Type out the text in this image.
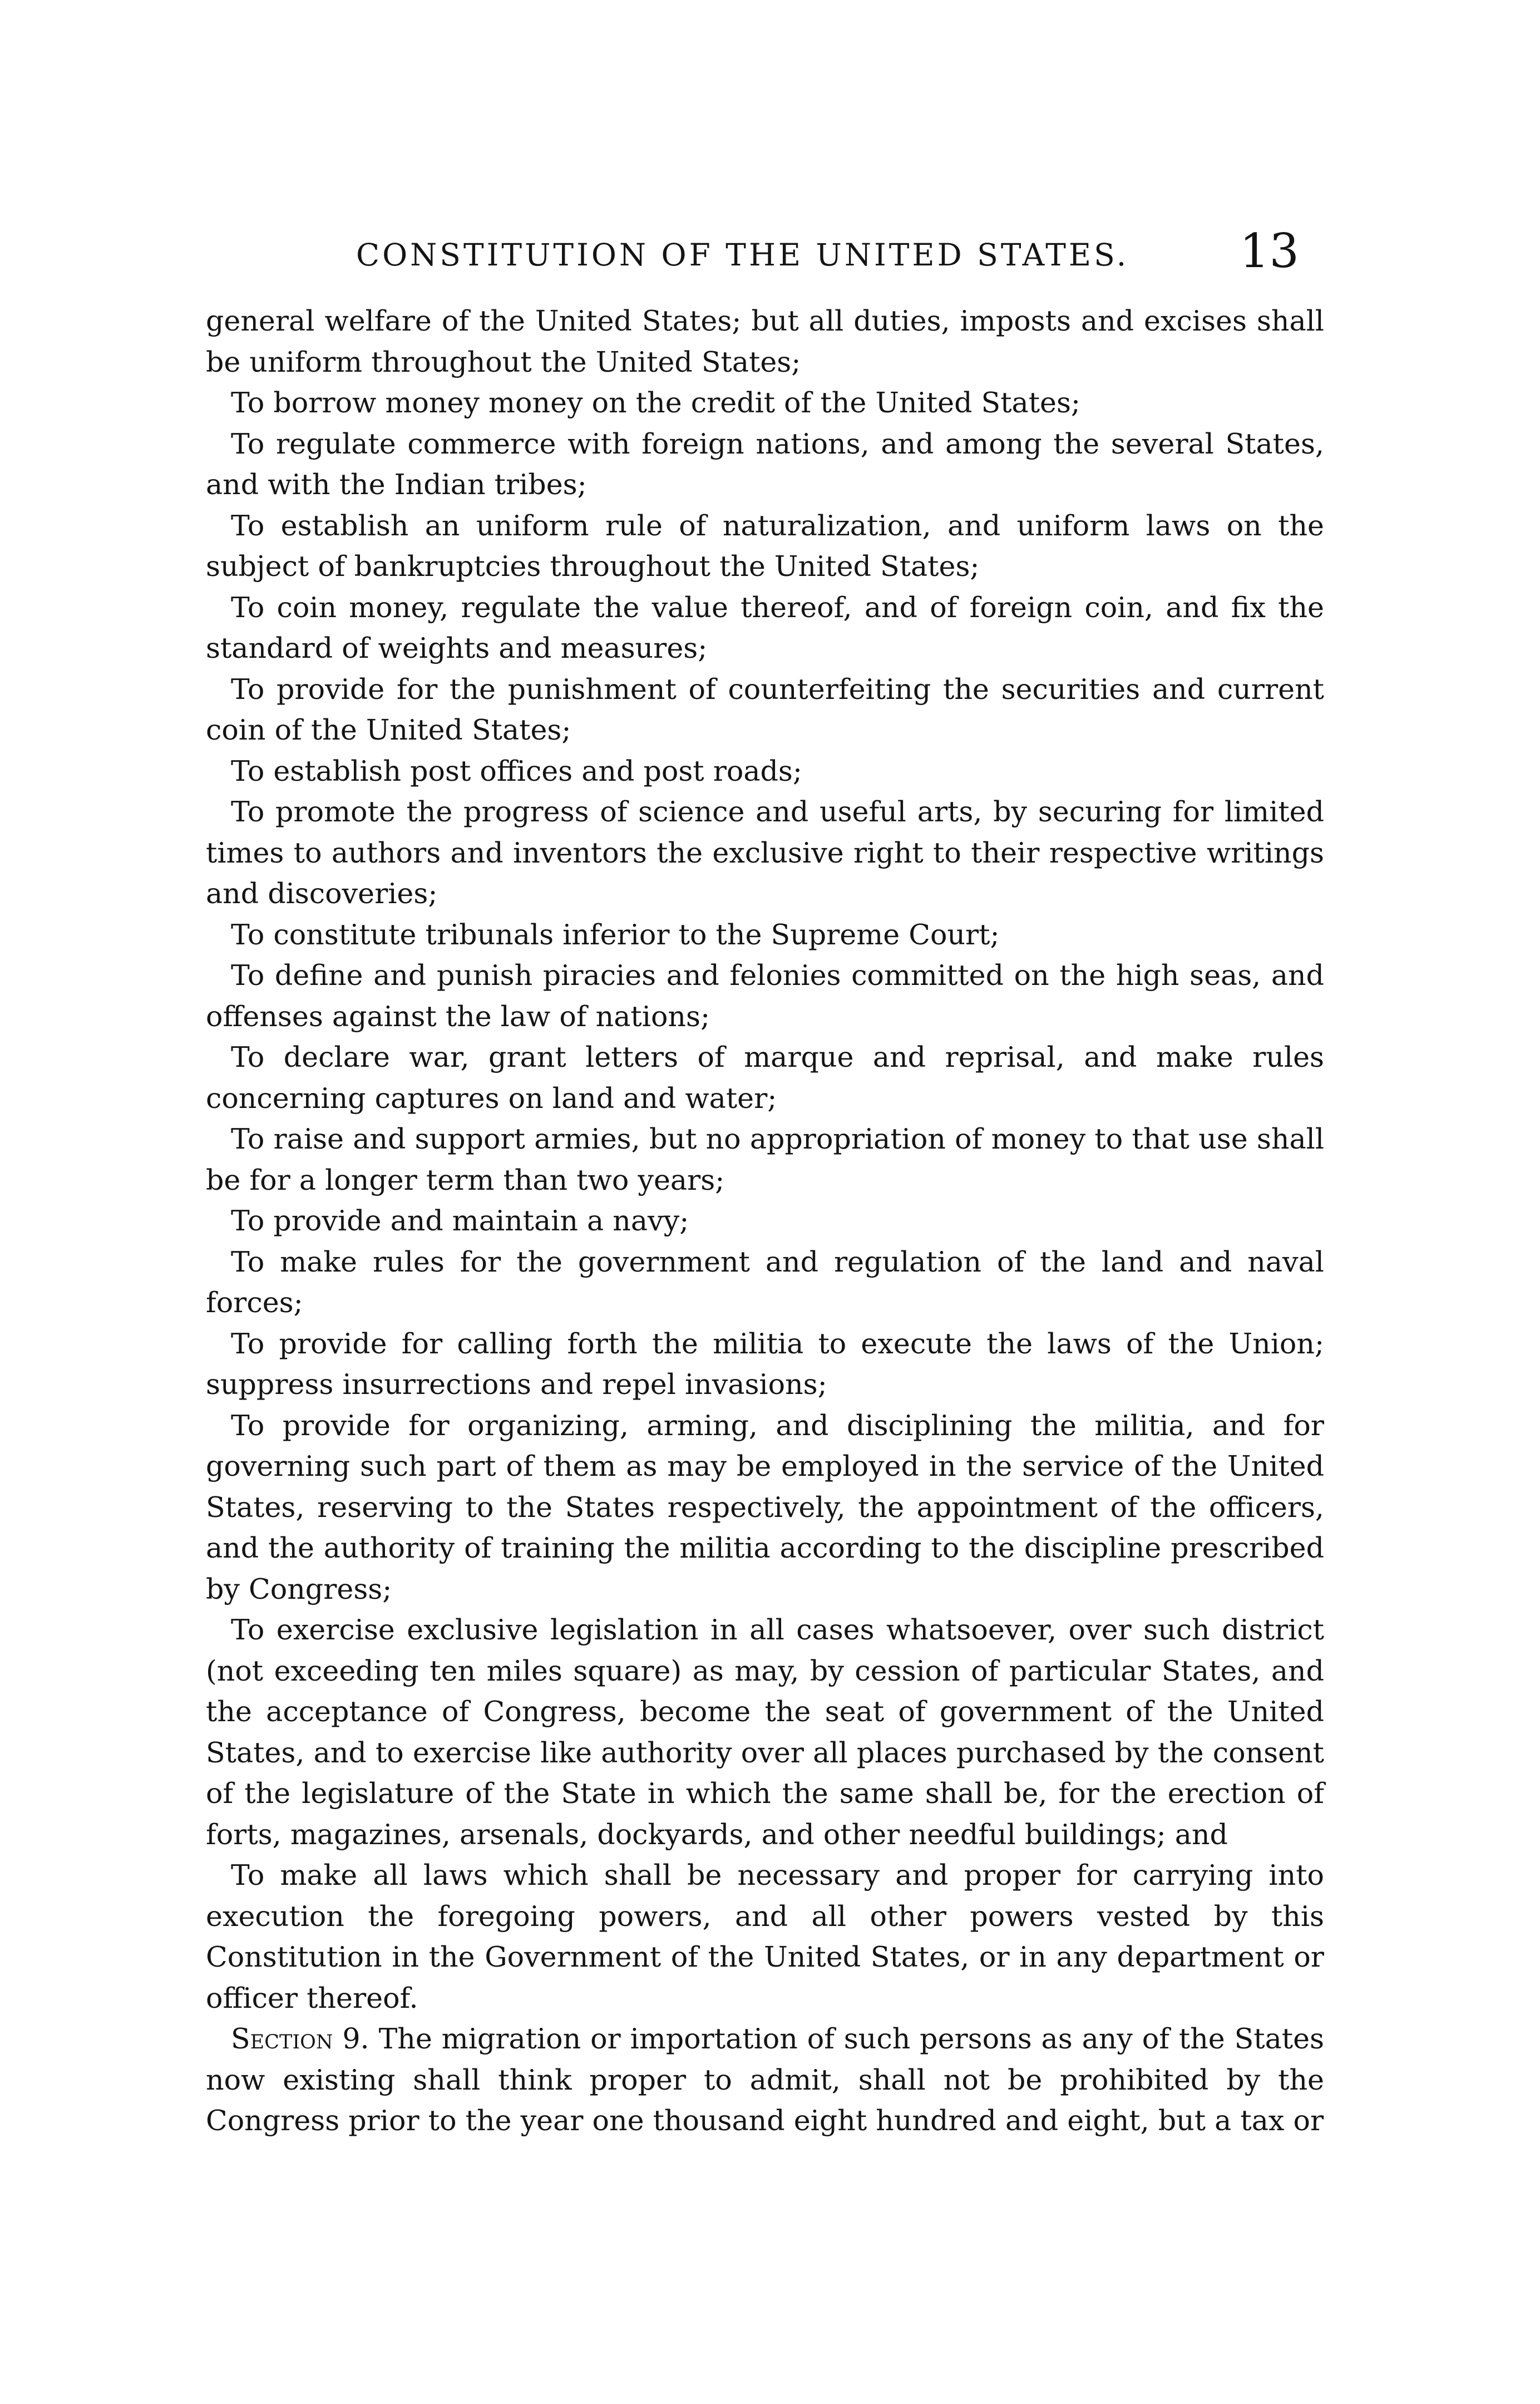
CONSTITUTION OF THE UNITED STATES. 13

general welfare of the United States; but all duties, imposts and excises shall be uniform throughout the United States;

To borrow money money on the credit of the United States;

To regulate commerce with foreign nations, and among the several States, and with the Indian tribes;

To establish an uniform rule of naturalization, and uniform laws on the subject of bankruptcies throughout the United States;

To coin money, regulate the value thereof, and of foreign coin, and fix the standard of weights and measures;

To provide for the punishment of counterfeiting the securities and current coin of the United States;

To establish post offices and post roads;

To promote the progress of science and useful arts, by securing for limited times to authors and inventors the exclusive right to their respective writings and discoveries;

To constitute tribunals inferior to the Supreme Court;

To define and punish piracies and felonies committed on the high seas, and offenses against the law of nations;

To declare war, grant letters of marque and reprisal, and make rules concerning captures on land and water;

To raise and support armies, but no appropriation of money to that use shall be for a longer term than two years;

To provide and maintain a navy;

To make rules for the government and regulation of the land and naval forces;

To provide for calling forth the militia to execute the laws of the Union; suppress insurrections and repel invasions;

To provide for organizing, arming, and disciplining the militia, and for governing such part of them as may be employed in the service of the United States, reserving to the States respectively, the appointment of the officers, and the authority of training the militia according to the discipline prescribed by Congress;

To exercise exclusive legislation in all cases whatsoever, over such district (not exceeding ten miles square) as may, by cession of particular States, and the acceptance of Congress, become the seat of government of the United States, and to exercise like authority over all places purchased by the consent of the legislature of the State in which the same shall be, for the erection of forts, magazines, arsenals, dockyards, and other needful buildings; and

To make all laws which shall be necessary and proper for carrying into execution the foregoing powers, and all other powers vested by this Constitution in the Government of the United States, or in any department or officer thereof.

Section 9. The migration or importation of such persons as any of the States now existing shall think proper to admit, shall not be prohibited by the Congress prior to the year one thousand eight hundred and eight, but a tax or
